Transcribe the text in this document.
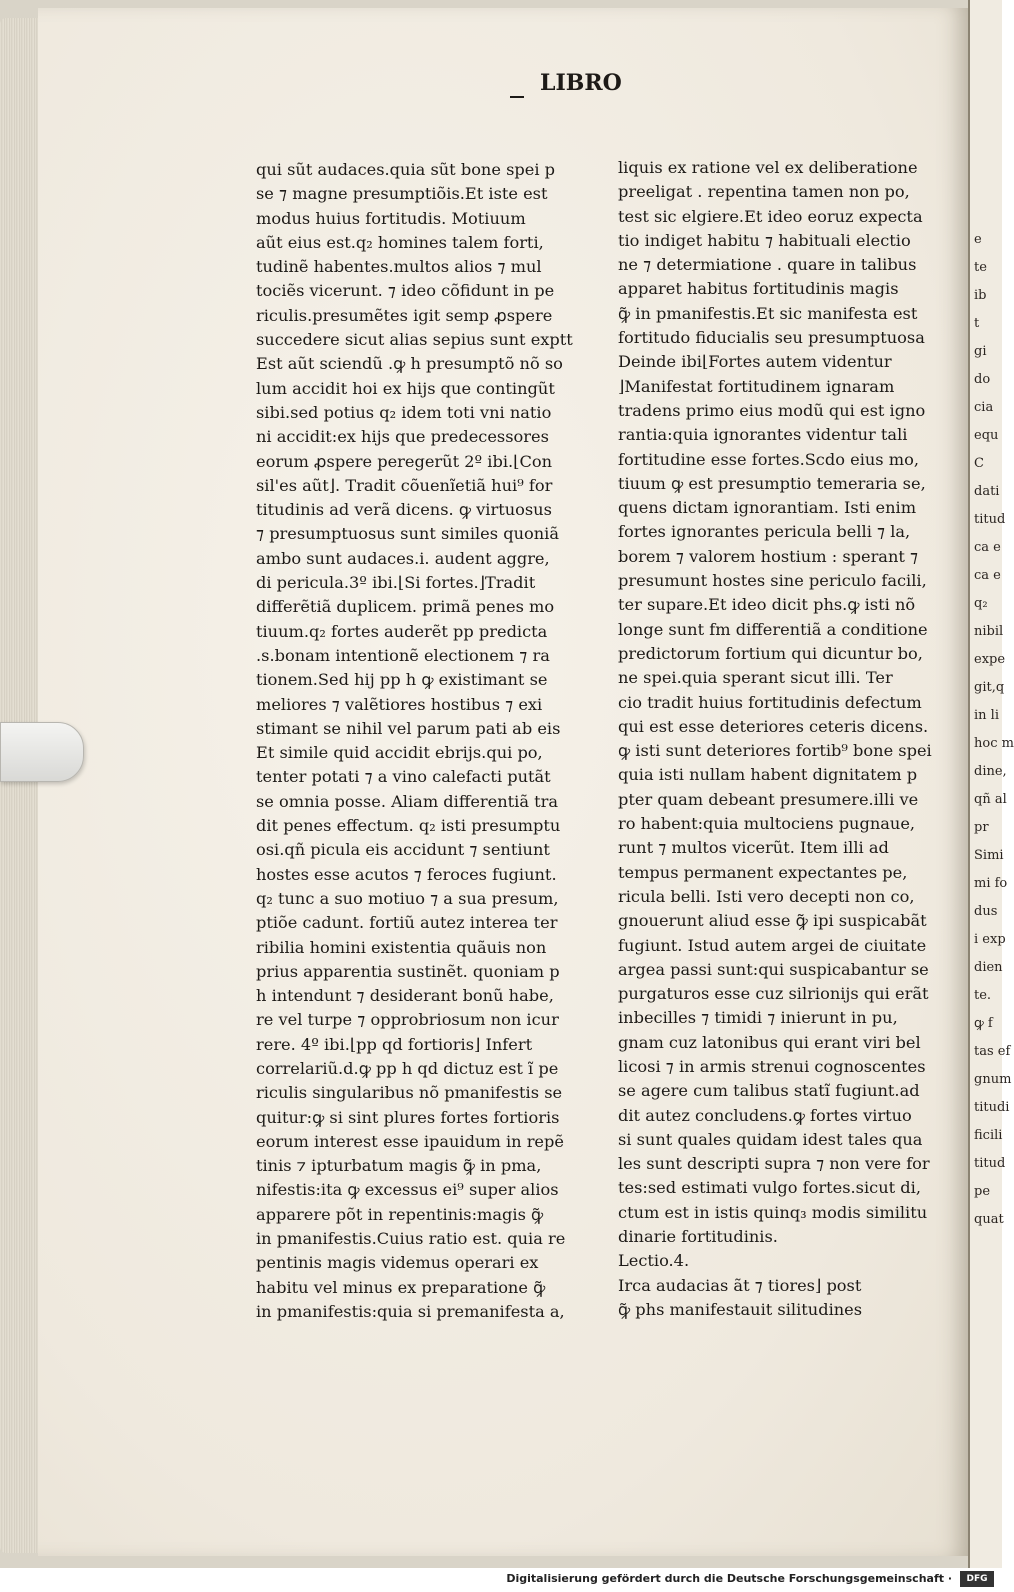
e
te
ib
t
gi
do
cia
equ
C
dati
titud
ca e
ca e
q₂
nibil
expe
git,q
in li
hoc m
dine,
qñ al
pr
Simi
mi fo
dus
i exp
dien
te.
ꝙ f
tas ef
gnum
titudi
ficili
titud
pe
quat
LIBRO
qui sũt audaces.quia sũt bone spei p
se ⁊ magne presumptiõis.Et iste est
modus huius fortitudis. Motiuum
aũt eius est.q₂ homines talem forti,
tudinẽ habentes.multos alios ⁊ mul
tociẽs vicerunt. ⁊ ideo cõfidunt in pe
riculis.presumẽtes igit semp ꝓspere
succedere sicut alias sepius sunt exptt
Est aũt sciendũ .ꝙ h presumptõ nõ so
lum accidit hoi ex hijs que contingũt
sibi.sed potius q₂ idem toti vni natio
ni accidit:ex hijs que predecessores
eorum ꝓspere peregerũt 2º ibi.⌊Con
sil'es aũt⌋. Tradit cõuenĩetiã hui⁹ for
titudinis ad verã dicens. ꝙ virtuosus
⁊ presumptuosus sunt similes quoniã
ambo sunt audaces.i. audent aggre,
di pericula.3º ibi.⌊Si fortes.⌋Tradit
differẽtiã duplicem. primã penes mo
tiuum.q₂ fortes auderẽt pp predicta
.s.bonam intentionẽ electionem ⁊ ra
tionem.Sed hij pp h ꝙ existimant se
meliores ⁊ valẽtiores hostibus ⁊ exi
stimant se nihil vel parum pati ab eis
Et simile quid accidit ebrijs.qui po,
tenter potati ⁊ a vino calefacti putãt
se omnia posse. Aliam differentiã tra
dit penes effectum. q₂ isti presumptu
osi.qñ picula eis accidunt ⁊ sentiunt
hostes esse acutos ⁊ feroces fugiunt.
q₂ tunc a suo motiuo ⁊ a sua presum,
ptiõe cadunt. fortiũ autez interea ter
ribilia homini existentia quãuis non
prius apparentia sustinẽt. quoniam p
h intendunt ⁊ desiderant bonũ habe,
re vel turpe ⁊ opprobriosum non icur
rere. 4º ibi.⌊pp qd fortioris⌋ Infert
correlariũ.d.ꝙ pp h qd dictuz est ĩ pe
riculis singularibus nõ pmanifestis se
quitur:ꝙ si sint plures fortes fortioris
eorum interest esse ipauidum in repẽ
tinis ⁊ ipturbatum magis ꝙ̃ in pma,
nifestis:ita ꝙ excessus ei⁹ super alios
apparere põt in repentinis:magis ꝙ̃
in pmanifestis.Cuius ratio est. quia re
pentinis magis videmus operari ex
habitu vel minus ex preparatione ꝙ̃
in pmanifestis:quia si premanifesta a,
liquis ex ratione vel ex deliberatione
preeligat . repentina tamen non po,
test sic elgiere.Et ideo eoruz expecta
tio indiget habitu ⁊ habituali electio
ne ⁊ determiatione . quare in talibus
apparet habitus fortitudinis magis
ꝙ̃ in pmanifestis.Et sic manifesta est
fortitudo fiducialis seu presumptuosa
Deinde ibi⌊Fortes autem videntur
⌋Manifestat fortitudinem ignaram
tradens primo eius modũ qui est igno
rantia:quia ignorantes videntur tali
fortitudine esse fortes.Scdo eius mo,
tiuum ꝙ est presumptio temeraria se,
quens dictam ignorantiam. Isti enim
fortes ignorantes pericula belli ⁊ la,
borem ⁊ valorem hostium : sperant ⁊
presumunt hostes sine periculo facili,
ter supare.Et ideo dicit phs.ꝙ isti nõ
longe sunt fm differentiã a conditione
predictorum fortium qui dicuntur bo,
ne spei.quia sperant sicut illi. Ter
cio tradit huius fortitudinis defectum
qui est esse deteriores ceteris dicens.
ꝙ isti sunt deteriores fortib⁹ bone spei
quia isti nullam habent dignitatem p
pter quam debeant presumere.illi ve
ro habent:quia multociens pugnaue,
runt ⁊ multos vicerũt. Item illi ad
tempus permanent expectantes pe,
ricula belli. Isti vero decepti non co,
gnouerunt aliud esse ꝙ̃ ipi suspicabãt
fugiunt. Istud autem argei de ciuitate
argea passi sunt:qui suspicabantur se
purgaturos esse cuz silrionijs qui erãt
inbecilles ⁊ timidi ⁊ inierunt in pu,
gnam cuz latonibus qui erant viri bel
licosi ⁊ in armis strenui cognoscentes
se agere cum talibus statĩ fugiunt.ad
dit autez concludens.ꝙ fortes virtuo
si sunt quales quidam idest tales qua
les sunt descripti supra ⁊ non vere for
tes:sed estimati vulgo fortes.sicut di,
ctum est in istis quinq₃ modis similitu
dinarie fortitudinis.
Lectio.4.
Irca audacias ãt ⁊ tiores⌋ post
ꝙ̃ phs manifestauit silitudines
Digitalisierung gefördert durch die Deutsche Forschungsgemeinschaft ·	DFG
